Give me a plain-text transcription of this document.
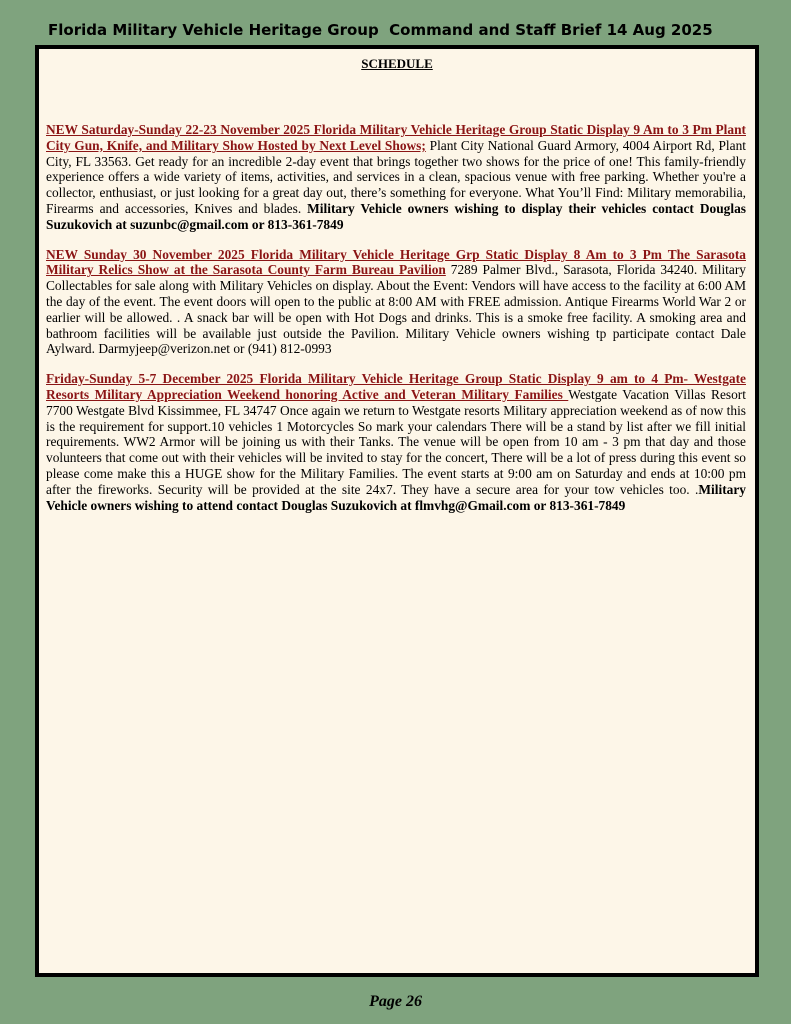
Florida Military Vehicle Heritage Group  Command and Staff Brief 14 Aug 2025
SCHEDULE

NEW Saturday-Sunday 22-23 November 2025 Florida Military Vehicle Heritage Group Static Display 9 Am to 3 Pm Plant City Gun, Knife, and Military Show Hosted by Next Level Shows; Plant City National Guard Armory, 4004 Airport Rd, Plant City, FL 33563. Get ready for an incredible 2-day event that brings together two shows for the price of one! This family-friendly experience offers a wide variety of items, activities, and services in a clean, spacious venue with free parking. Whether you're a collector, enthusiast, or just looking for a great day out, there’s something for everyone. What You’ll Find: Military memorabilia, Firearms and accessories, Knives and blades. Military Vehicle owners wishing to display their vehicles contact Douglas Suzukovich at suzunbc@gmail.com or 813-361-7849

NEW Sunday 30 November 2025 Florida Military Vehicle Heritage Grp Static Display 8 Am to 3 Pm The Sarasota Military Relics Show at the Sarasota County Farm Bureau Pavilion 7289 Palmer Blvd., Sarasota, Florida 34240. Military Collectables for sale along with Military Vehicles on display. About the Event: Vendors will have access to the facility at 6:00 AM the day of the event. The event doors will open to the public at 8:00 AM with FREE admission. Antique Firearms World War 2 or earlier will be allowed. . A snack bar will be open with Hot Dogs and drinks. This is a smoke free facility. A smoking area and bathroom facilities will be available just outside the Pavilion. Military Vehicle owners wishing tp participate contact Dale Aylward. Darmyjeep@verizon.net or (941) 812-0993

Friday-Sunday 5-7 December 2025 Florida Military Vehicle Heritage Group Static Display 9 am to 4 Pm- Westgate Resorts Military Appreciation Weekend honoring Active and Veteran Military Families Westgate Vacation Villas Resort 7700 Westgate Blvd Kissimmee, FL 34747 Once again we return to Westgate resorts Military appreciation weekend as of now this is the requirement for support.10 vehicles 1 Motorcycles So mark your calendars There will be a stand by list after we fill initial requirements. WW2 Armor will be joining us with their Tanks. The venue will be open from 10 am - 3 pm that day and those volunteers that come out with their vehicles will be invited to stay for the concert, There will be a lot of press during this event so please come make this a HUGE show for the Military Families. The event starts at 9:00 am on Saturday and ends at 10:00 pm after the fireworks. Security will be provided at the site 24x7. They have a secure area for your tow vehicles too. .Military Vehicle owners wishing to attend contact Douglas Suzukovich at flmvhg@Gmail.com or 813-361-7849

Page 26
